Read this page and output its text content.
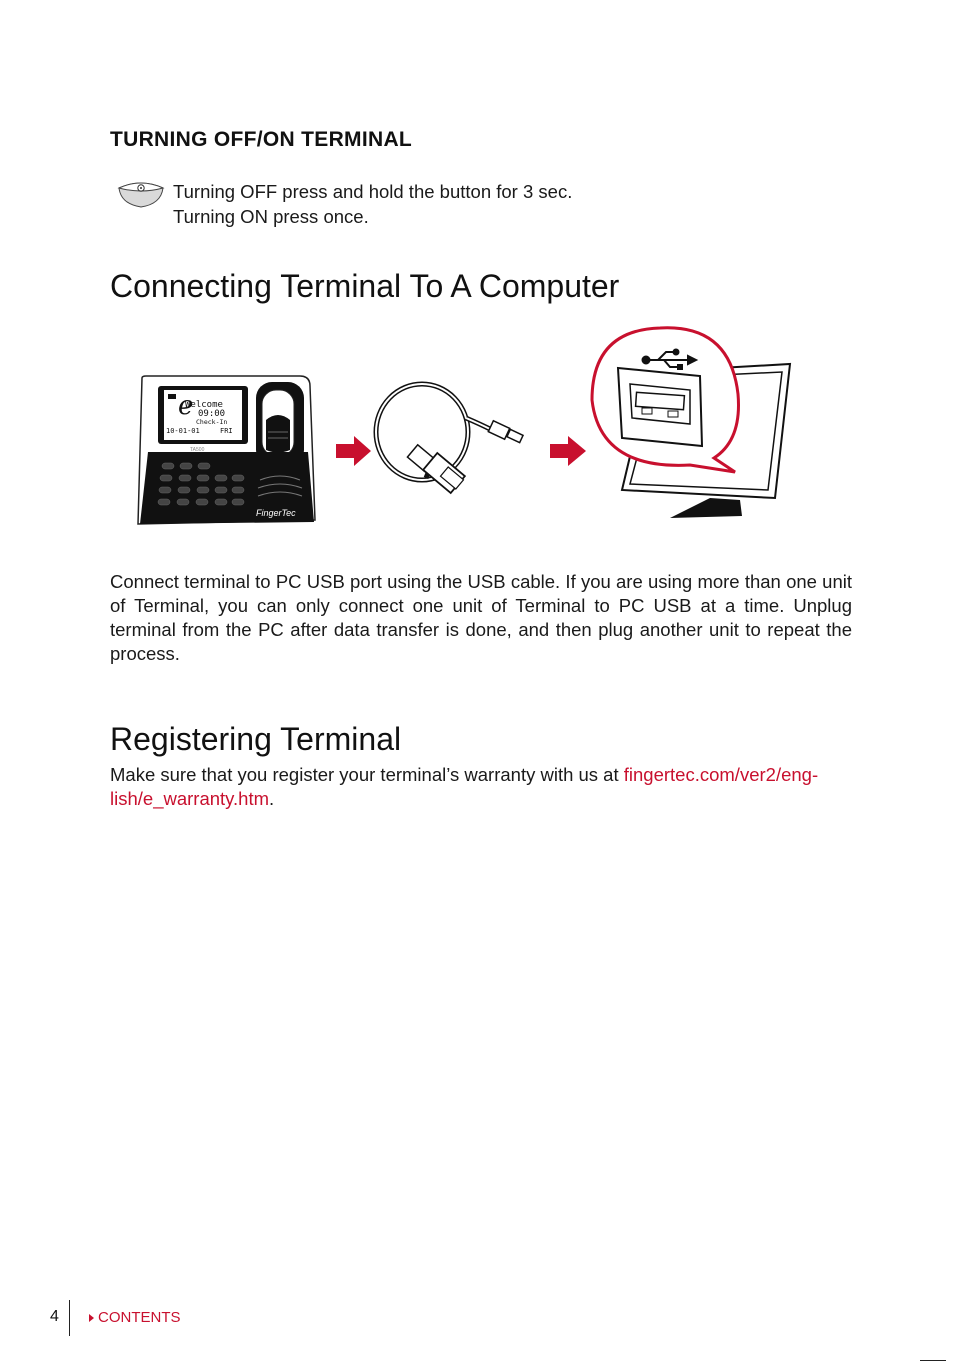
TURNING OFF/ON TERMINAL
Turning OFF press and hold the button for 3 sec.
Turning ON press once.
Connecting Terminal To A Computer
e
Welcome
09:00
Check-In
10-01-01	FRI
TA500
FingerTec
Connect terminal to PC USB port using the USB cable. If you are using more than one unit of Terminal, you can only connect one unit of Terminal to PC USB at a time. Unplug terminal from the PC after data transfer is done, and then plug another unit to repeat the process.
Registering Terminal
Make sure that you register your terminal’s warranty with us at fingertec.com/ver2/eng-lish/e_warranty.htm.
4	CONTENTS
